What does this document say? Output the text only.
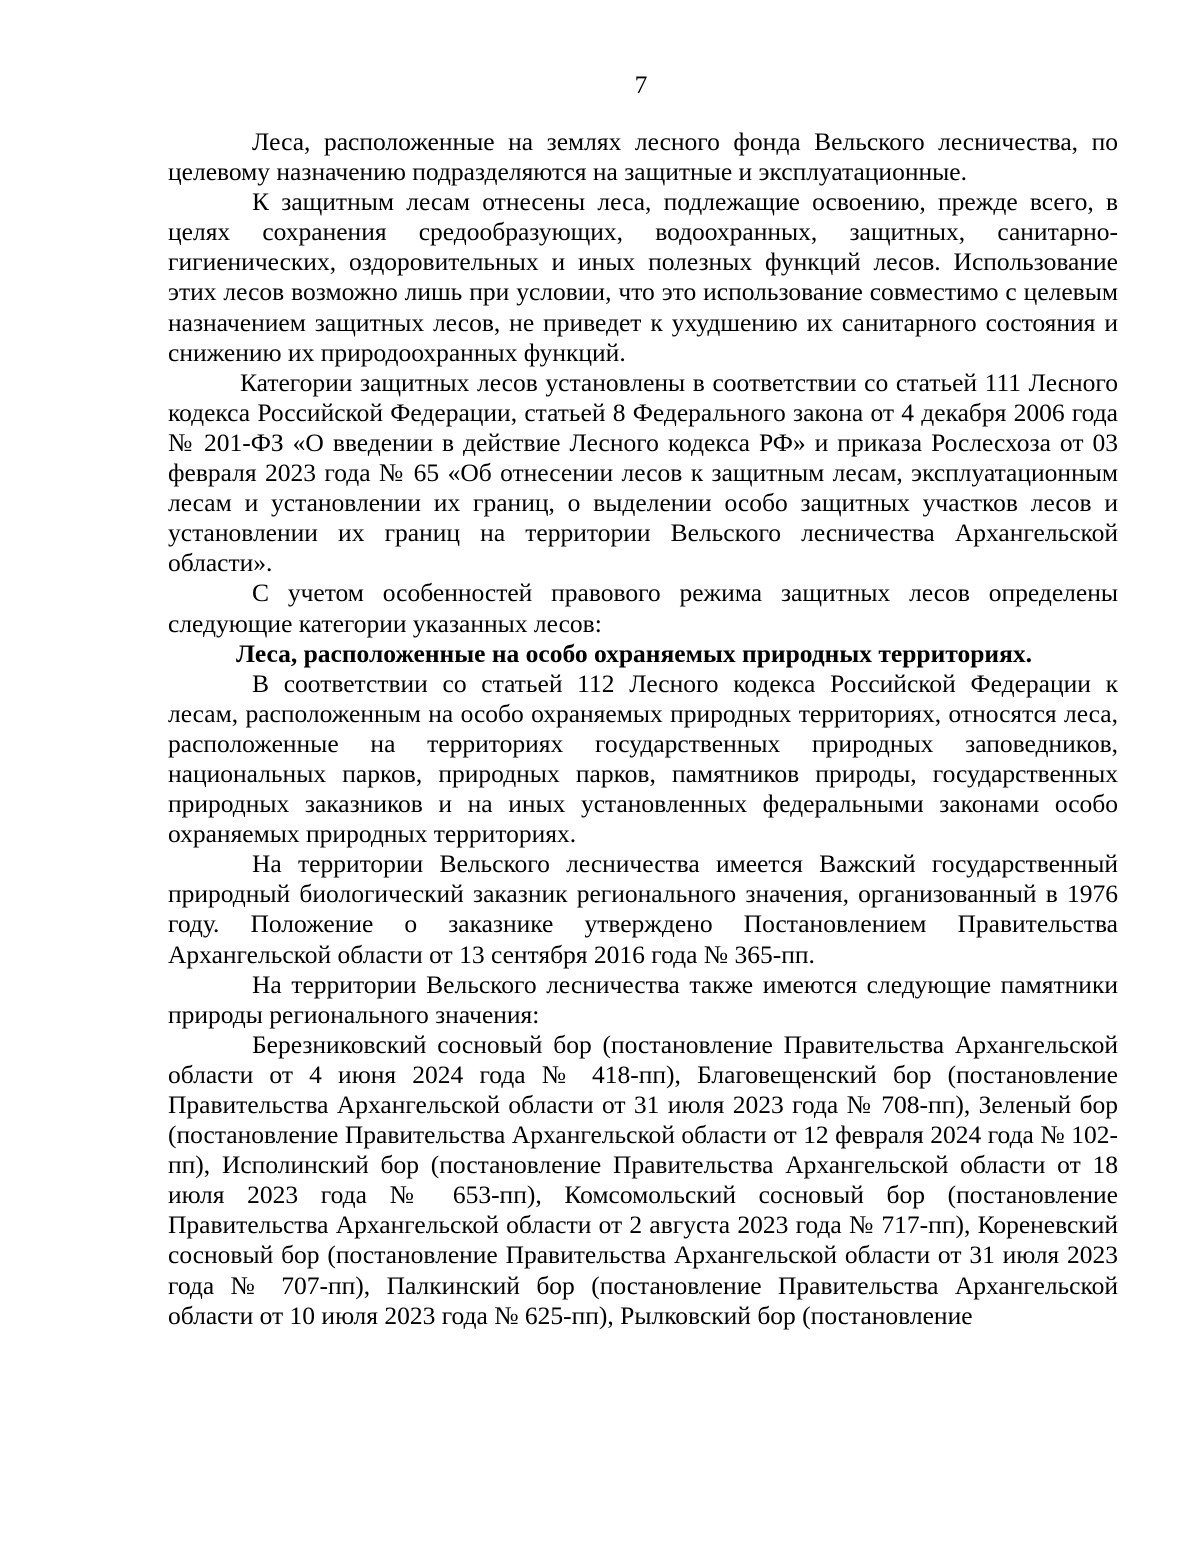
7

Леса, расположенные на землях лесного фонда Вельского лесничества, по целевому назначению подразделяются на защитные и эксплуатационные.

К защитным лесам отнесены леса, подлежащие освоению, прежде всего, в целях сохранения средообразующих, водоохранных, защитных, санитарно-гигиенических, оздоровительных и иных полезных функций лесов. Использование этих лесов возможно лишь при условии, что это использование совместимо с целевым назначением защитных лесов, не приведет к ухудшению их санитарного состояния и снижению их природоохранных функций.

Категории защитных лесов установлены в соответствии со статьей 111 Лесного кодекса Российской Федерации, статьей 8 Федерального закона от 4 декабря 2006 года № 201-ФЗ «О введении в действие Лесного кодекса РФ» и приказа Рослесхоза от 03 февраля 2023 года № 65 «Об отнесении лесов к защитным лесам, эксплуатационным лесам и установлении их границ, о выделении особо защитных участков лесов и установлении их границ на территории Вельского лесничества Архангельской области».

С учетом особенностей правового режима защитных лесов определены следующие категории указанных лесов:

Леса, расположенные на особо охраняемых природных территориях.

В соответствии со статьей 112 Лесного кодекса Российской Федерации к лесам, расположенным на особо охраняемых природных территориях, относятся леса, расположенные на территориях государственных природных заповедников, национальных парков, природных парков, памятников природы, государственных природных заказников и на иных установленных федеральными законами особо охраняемых природных территориях.

На территории Вельского лесничества имеется Важский государственный природный биологический заказник регионального значения, организованный в 1976 году. Положение о заказнике утверждено Постановлением Правительства Архангельской области от 13 сентября 2016 года № 365-пп.

На территории Вельского лесничества также имеются следующие памятники природы регионального значения:

Березниковский сосновый бор (постановление Правительства Архангельской области от 4 июня 2024 года № 418-пп), Благовещенский бор (постановление Правительства Архангельской области от 31 июля 2023 года № 708-пп), Зеленый бор (постановление Правительства Архангельской области от 12 февраля 2024 года № 102-пп), Исполинский бор (постановление Правительства Архангельской области от 18 июля 2023 года № 653-пп), Комсомольский сосновый бор (постановление Правительства Архангельской области от 2 августа 2023 года № 717-пп), Кореневский сосновый бор (постановление Правительства Архангельской области от 31 июля 2023 года № 707-пп), Палкинский бор (постановление Правительства Архангельской области от 10 июля 2023 года № 625-пп), Рылковский бор (постановление
